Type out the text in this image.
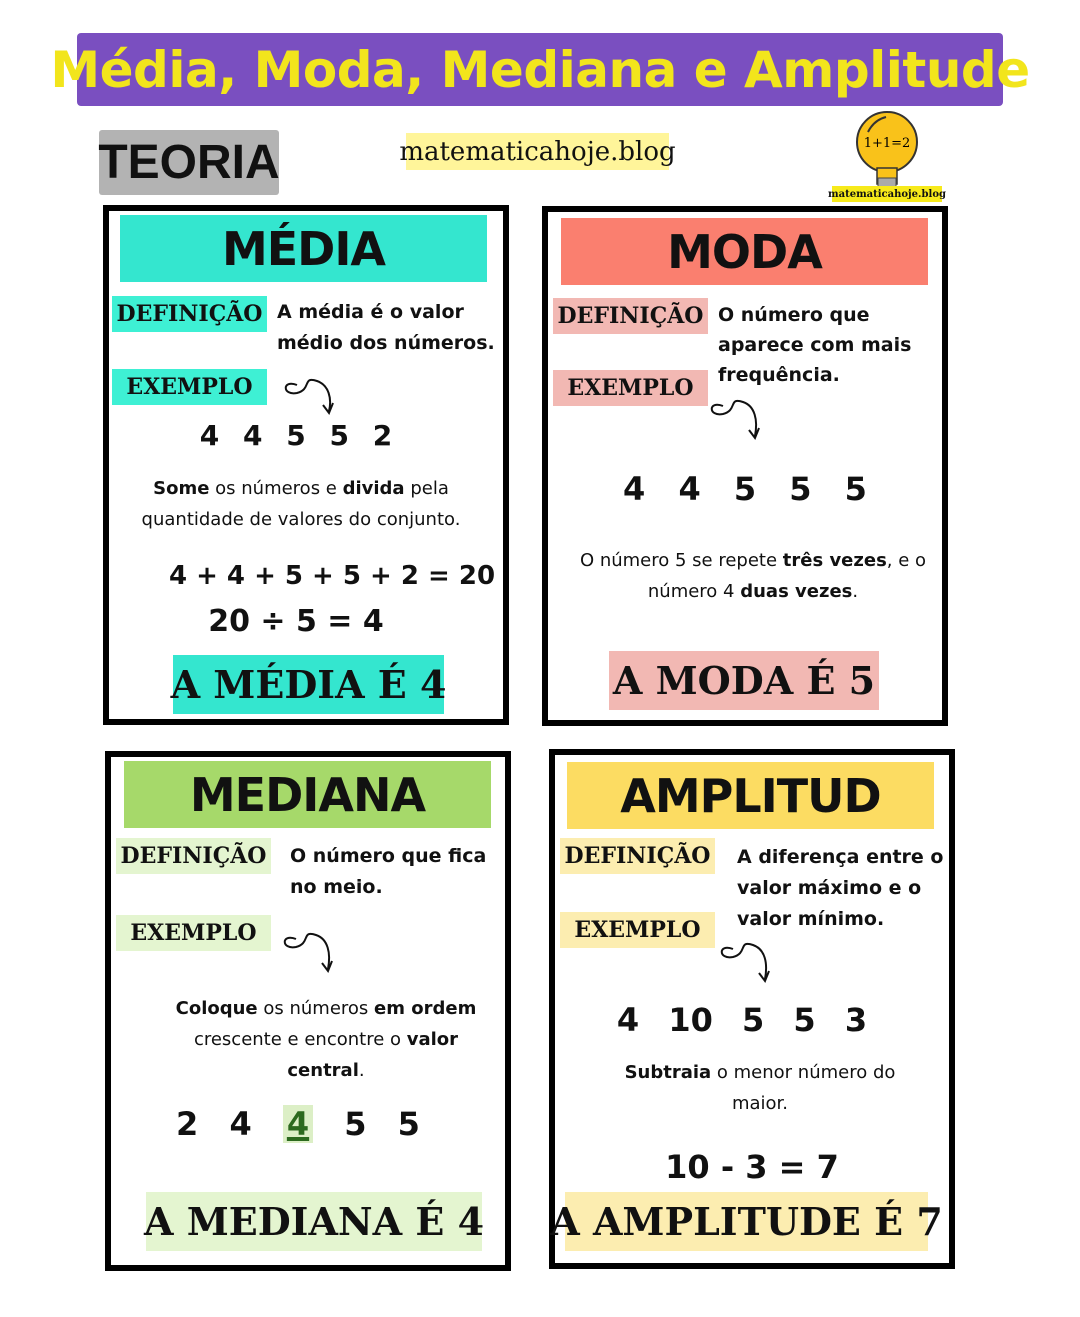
Média, Moda, Mediana e Amplitude
TEORIA	matematicahoje.blog	1+1=2
matematicahoje.blog
MÉDIA
DEFINIÇÃO A média é o valor médio dos números.
EXEMPLO
4 4 5 5 2
Some os números e divida pela quantidade de valores do conjunto.
4 + 4 + 5 + 5 + 2 = 20
20 ÷ 5 = 4
A MÉDIA É 4
MODA
DEFINIÇÃO O número que aparece com mais frequência.
EXEMPLO
4 4 5 5 5
O número 5 se repete três vezes, e o número 4 duas vezes.
A MODA É 5
MEDIANA
DEFINIÇÃO O número que fica no meio.
EXEMPLO
Coloque os números em ordem crescente e encontre o valor central.
2 4 4 5 5
A MEDIANA É 4
AMPLITUD
DEFINIÇÃO A diferença entre o valor máximo e o valor mínimo.
EXEMPLO
4 10 5 5 3
Subtraia o menor número do maior.
10 - 3 = 7
A AMPLITUDE É 7
